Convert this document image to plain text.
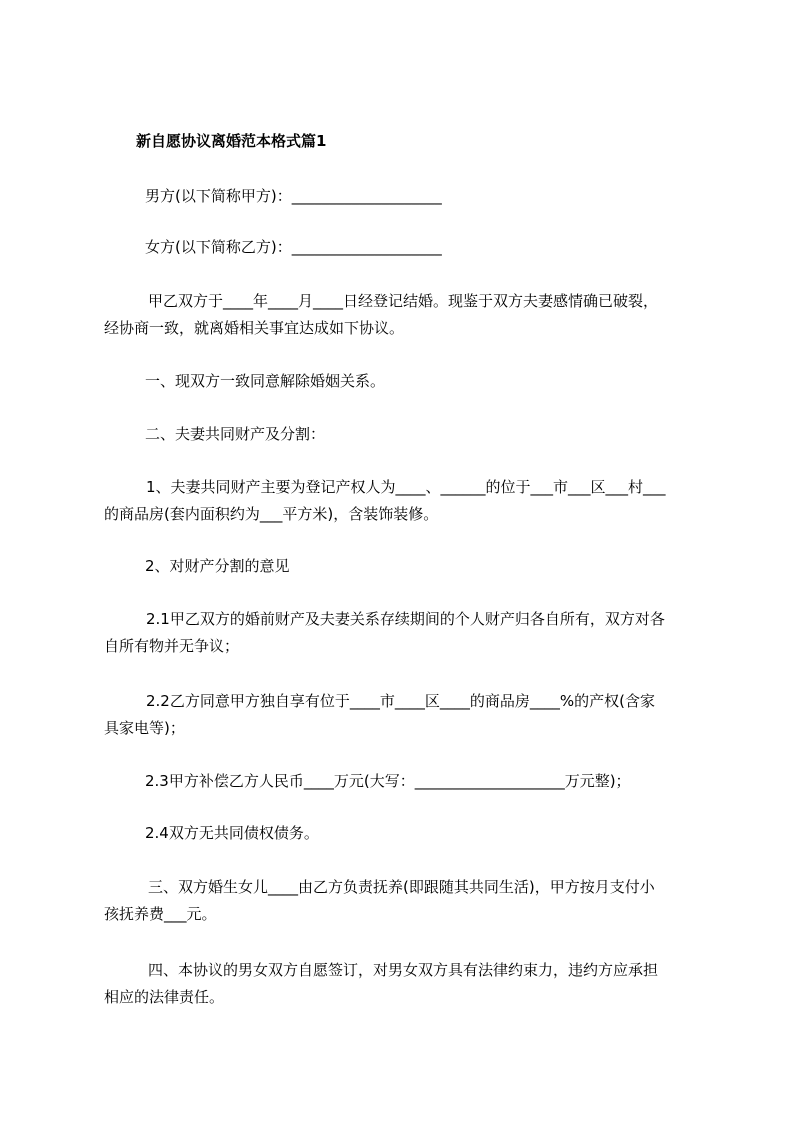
新自愿协议离婚范本格式篇1
男方(以下简称甲方)：____________________
女方(以下简称乙方)：____________________
甲乙双方于____年____月____日经登记结婚。现鉴于双方夫妻感情确已破裂，
经协商一致，就离婚相关事宜达成如下协议。
一、现双方一致同意解除婚姻关系。
二、夫妻共同财产及分割：
1、夫妻共同财产主要为登记产权人为____、______的位于___市___区___村___
的商品房(套内面积约为___平方米)，含装饰装修。
2、对财产分割的意见
2.1甲乙双方的婚前财产及夫妻关系存续期间的个人财产归各自所有，双方对各
自所有物并无争议；
2.2乙方同意甲方独自享有位于____市____区____的商品房____%的产权(含家
具家电等)；
2.3甲方补偿乙方人民币____万元(大写：____________________万元整)；
2.4双方无共同债权债务。
三、双方婚生女儿____由乙方负责抚养(即跟随其共同生活)，甲方按月支付小
孩抚养费___元。
四、本协议的男女双方自愿签订，对男女双方具有法律约束力，违约方应承担
相应的法律责任。
